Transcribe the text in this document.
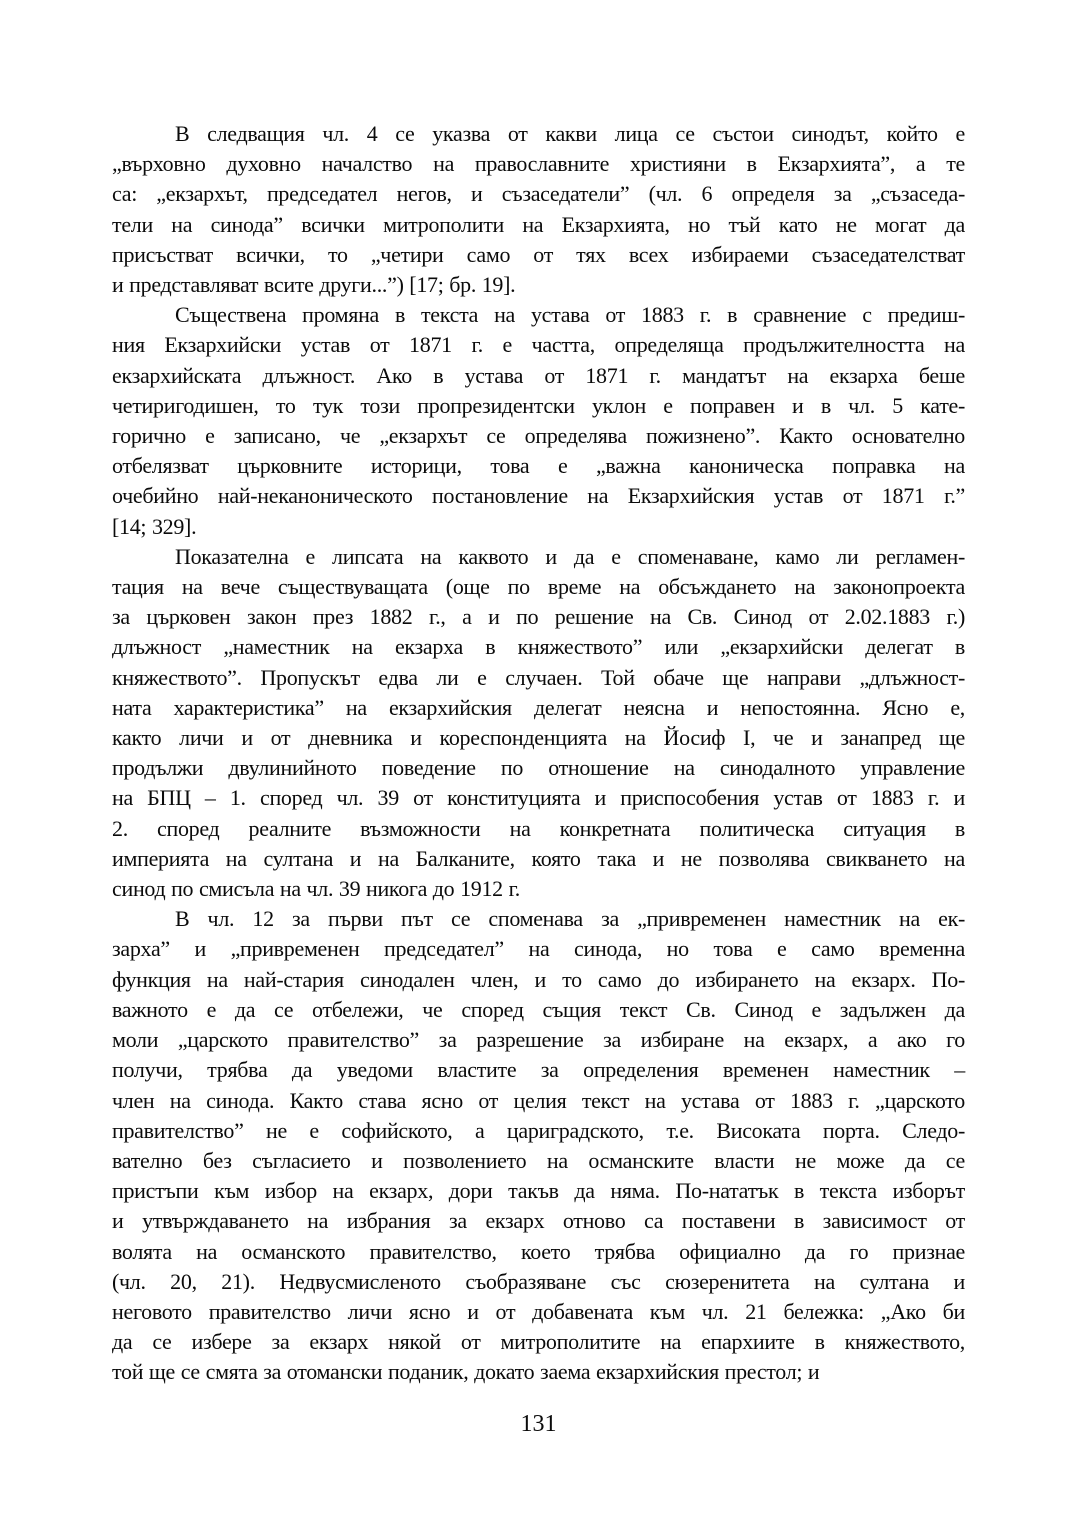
В следващия чл. 4 се указва от какви лица се състои синодът, който е
„върховно духовно началство на православните християни в Екзархията”, а те
са: „екзархът, председател негов, и съзаседатели” (чл. 6 определя за „съзаседа-
тели на синода” всички митрополити на Екзархията, но тъй като не могат да
присъстват всички, то „четири само от тях всех избираеми съзаседателстват
и представляват всите други...”) [17; бр. 19].
Съществена промяна в текста на устава от 1883 г. в сравнение с предиш-
ния Екзархийски устав от 1871 г. е частта, определяща продължителността на
екзархийската длъжност. Ако в устава от 1871 г. мандатът на екзарха беше
четиригодишен, то тук този пропрезидентски уклон е поправен и в чл. 5 кате-
горично е записано, че „екзархът се определява пожизнено”. Както основателно
отбелязват църковните историци, това е „важна каноническа поправка на
очебийно най-неканоническото постановление на Екзархийския устав от 1871 г.”
[14; 329].
Показателна е липсата на каквото и да е споменаване, камо ли регламен-
тация на вече съществуващата (още по време на обсъждането на законопроекта
за църковен закон през 1882 г., а и по решение на Св. Синод от 2.02.1883 г.)
длъжност „наместник на екзарха в княжеството” или „екзархийски делегат в
княжеството”. Пропускът едва ли е случаен. Той обаче ще направи „длъжност-
ната характеристика” на екзархийския делегат неясна и непостоянна. Ясно е,
както личи и от дневника и кореспонденцията на Йосиф I, че и занапред ще
продължи двулинийното поведение по отношение на синодалното управление
на БПЦ – 1. според чл. 39 от конституцията и приспособения устав от 1883 г. и
2. според реалните възможности на конкретната политическа ситуация в
империята на султана и на Балканите, която така и не позволява свикването на
синод по смисъла на чл. 39 никога до 1912 г.
В чл. 12 за първи път се споменава за „привременен наместник на ек-
зарха” и „привременен председател” на синода, но това е само временна
функция на най-стария синодален член, и то само до избирането на екзарх. По-
важното е да се отбележи, че според същия текст Св. Синод е задължен да
моли „царското правителство” за разрешение за избиране на екзарх, а ако го
получи, трябва да уведоми властите за определения временен наместник –
член на синода. Както става ясно от целия текст на устава от 1883 г. „царското
правителство” не е софийското, а цариградското, т.е. Високата порта. Следо-
вателно без съгласието и позволението на османските власти не може да се
пристъпи към избор на екзарх, дори такъв да няма. По-нататък в текста изборът
и утвърждаването на избрания за екзарх отново са поставени в зависимост от
волята на османското правителство, което трябва официално да го признае
(чл. 20, 21). Недвусмисленото съобразяване със сюзеренитета на султана и
неговото правителство личи ясно и от добавената към чл. 21 бележка: „Ако би
да се избере за екзарх някой от митрополитите на епархиите в княжеството,
той ще се смята за отомански поданик, докато заема екзархийския престол; и
131
